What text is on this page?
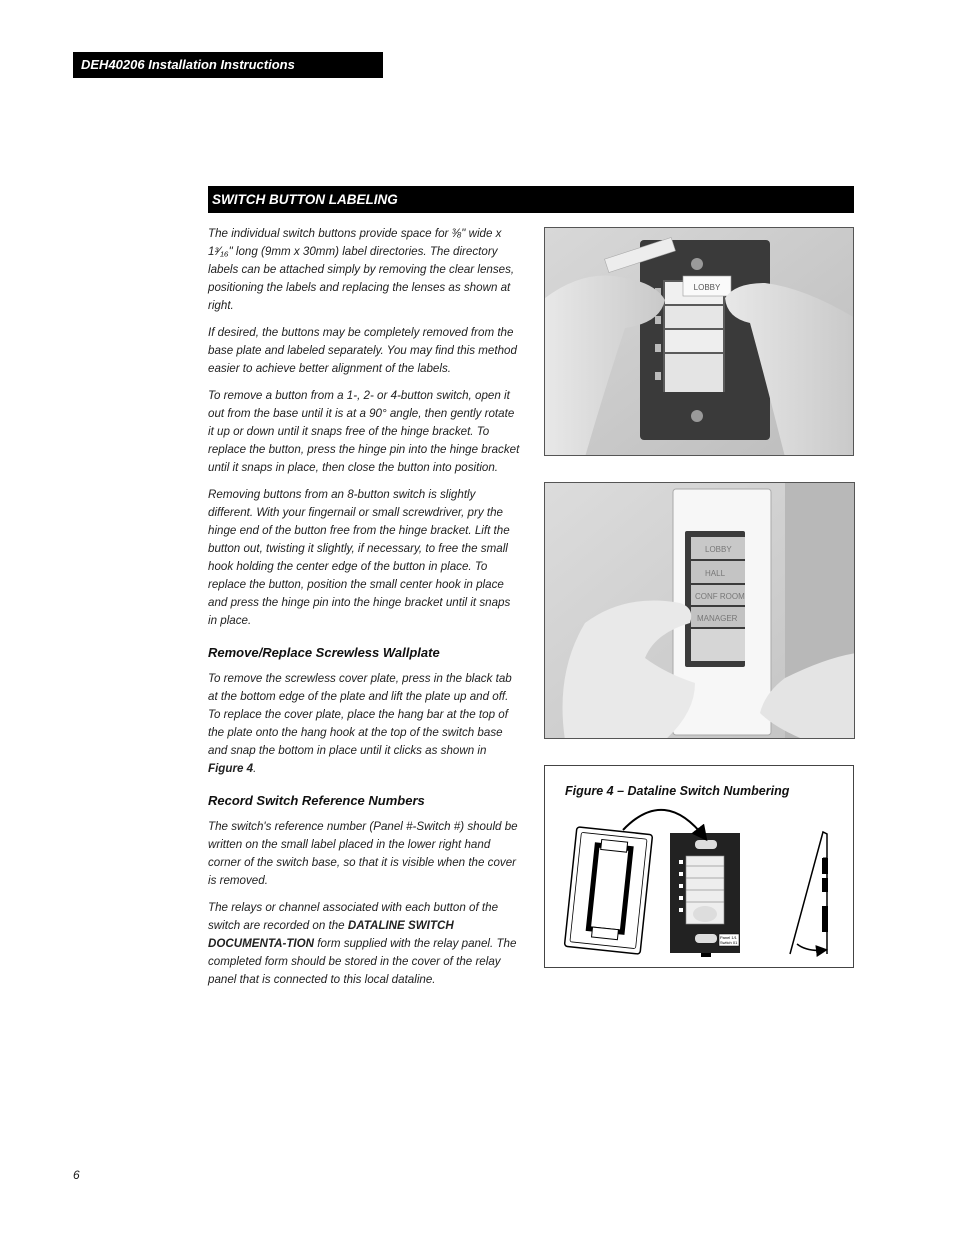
DEH40206 Installation Instructions
SWITCH BUTTON LABELING

The individual switch buttons provide space for ⅜" wide x 1³⁄₁₆" long (9mm x 30mm) label directories. The directory labels can be attached simply by removing the clear lenses, positioning the labels and replacing the lenses as shown at right.

If desired, the buttons may be completely removed from the base plate and labeled separately. You may find this method easier to achieve better alignment of the labels.

To remove a button from a 1-, 2- or 4-button switch, open it out from the base until it is at a 90° angle, then gently rotate it up or down until it snaps free of the hinge bracket. To replace the button, press the hinge pin into the hinge bracket until it snaps in place, then close the button into position.

Removing buttons from an 8-button switch is slightly different. With your fingernail or small screwdriver, pry the hinge end of the button free from the hinge bracket. Lift the button out, twisting it slightly, if necessary, to free the small hook holding the center edge of the button in place. To replace the button, position the small center hook in place and press the hinge pin into the hinge bracket until it snaps in place.

Remove/Replace Screwless Wallplate

To remove the screwless cover plate, press in the black tab at the bottom edge of the plate and lift the plate up and off. To replace the cover plate, place the hang bar at the top of the plate onto the hang hook at the top of the switch base and snap the bottom in place until it clicks as shown in Figure 4.

Record Switch Reference Numbers

The switch's reference number (Panel #-Switch #) should be written on the small label placed in the lower right hand corner of the switch base, so that it is visible when the cover is removed.

The relays or channel associated with each button of the switch are recorded on the DATALINE SWITCH DOCUMENTA-TION form supplied with the relay panel. The completed form should be stored in the cover of the relay panel that is connected to this local dataline.

LOBBY
LOBBY
HALL
CONF ROOM
MANAGER
Figure 4 – Dataline Switch Numbering
Panel 1/1
Switch 01
6
